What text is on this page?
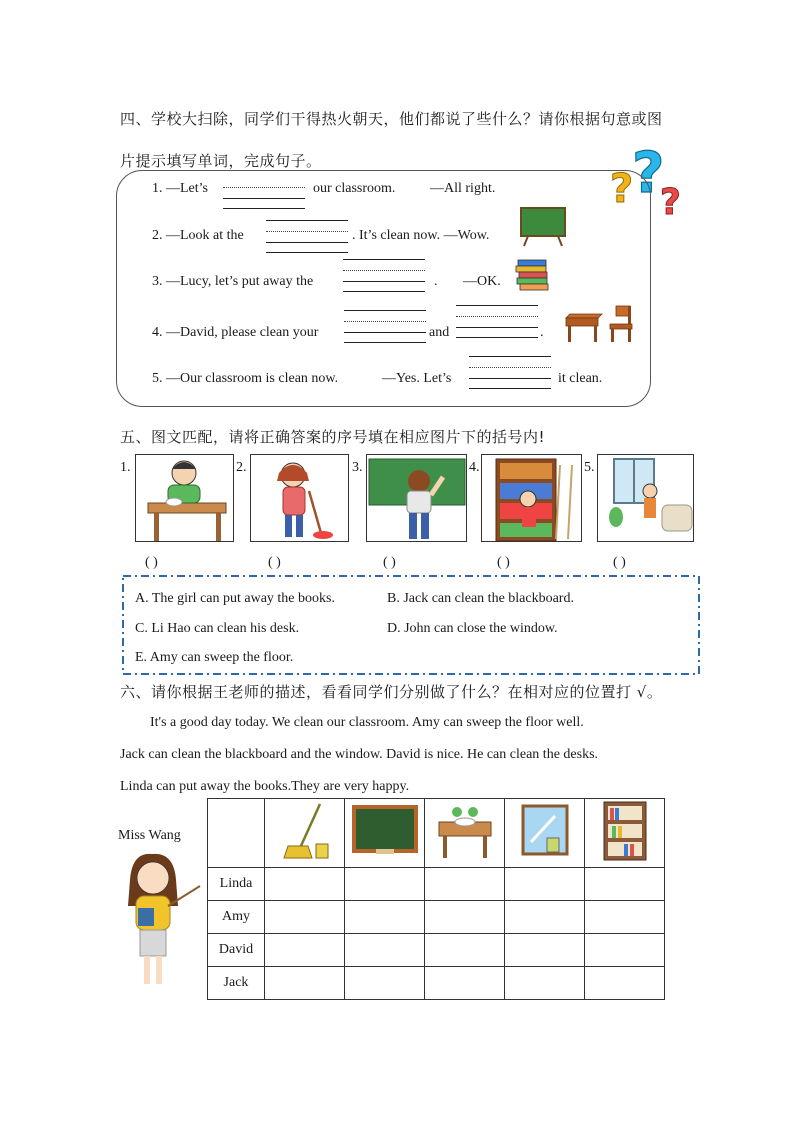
四、学校大扫除，同学们干得热火朝天，他们都说了些什么？请你根据句意或图
片提示填写单词，完成句子。
?
?
?
1. —Let’s	our classroom. —All right.
2. —Look at the	. It’s clean now. —Wow.
3. —Lucy, let’s put away the	. —OK.
4. —David, please clean your	and	.
5. —Our classroom is clean now.	—Yes. Let’s	it clean.
五、图文匹配，请将正确答案的序号填在相应图片下的括号内!
1.	2.	3.	4.	5.
( )	( )	( )	( )	( )
A. The girl can put away the books.	B. Jack can clean the blackboard.
C. Li Hao can clean his desk.	D. John can close the window.
E. Amy can sweep the floor.
六、请你根据王老师的描述，看看同学们分别做了什么？在相对应的位置打 √。
It's a good day today. We clean our classroom. Amy can sweep the floor well.
Jack can clean the blackboard and the window. David is nice. He can clean the desks.
Linda can put away the books.They are very happy.
Miss Wang

Linda					
Amy					
David					
Jack					
